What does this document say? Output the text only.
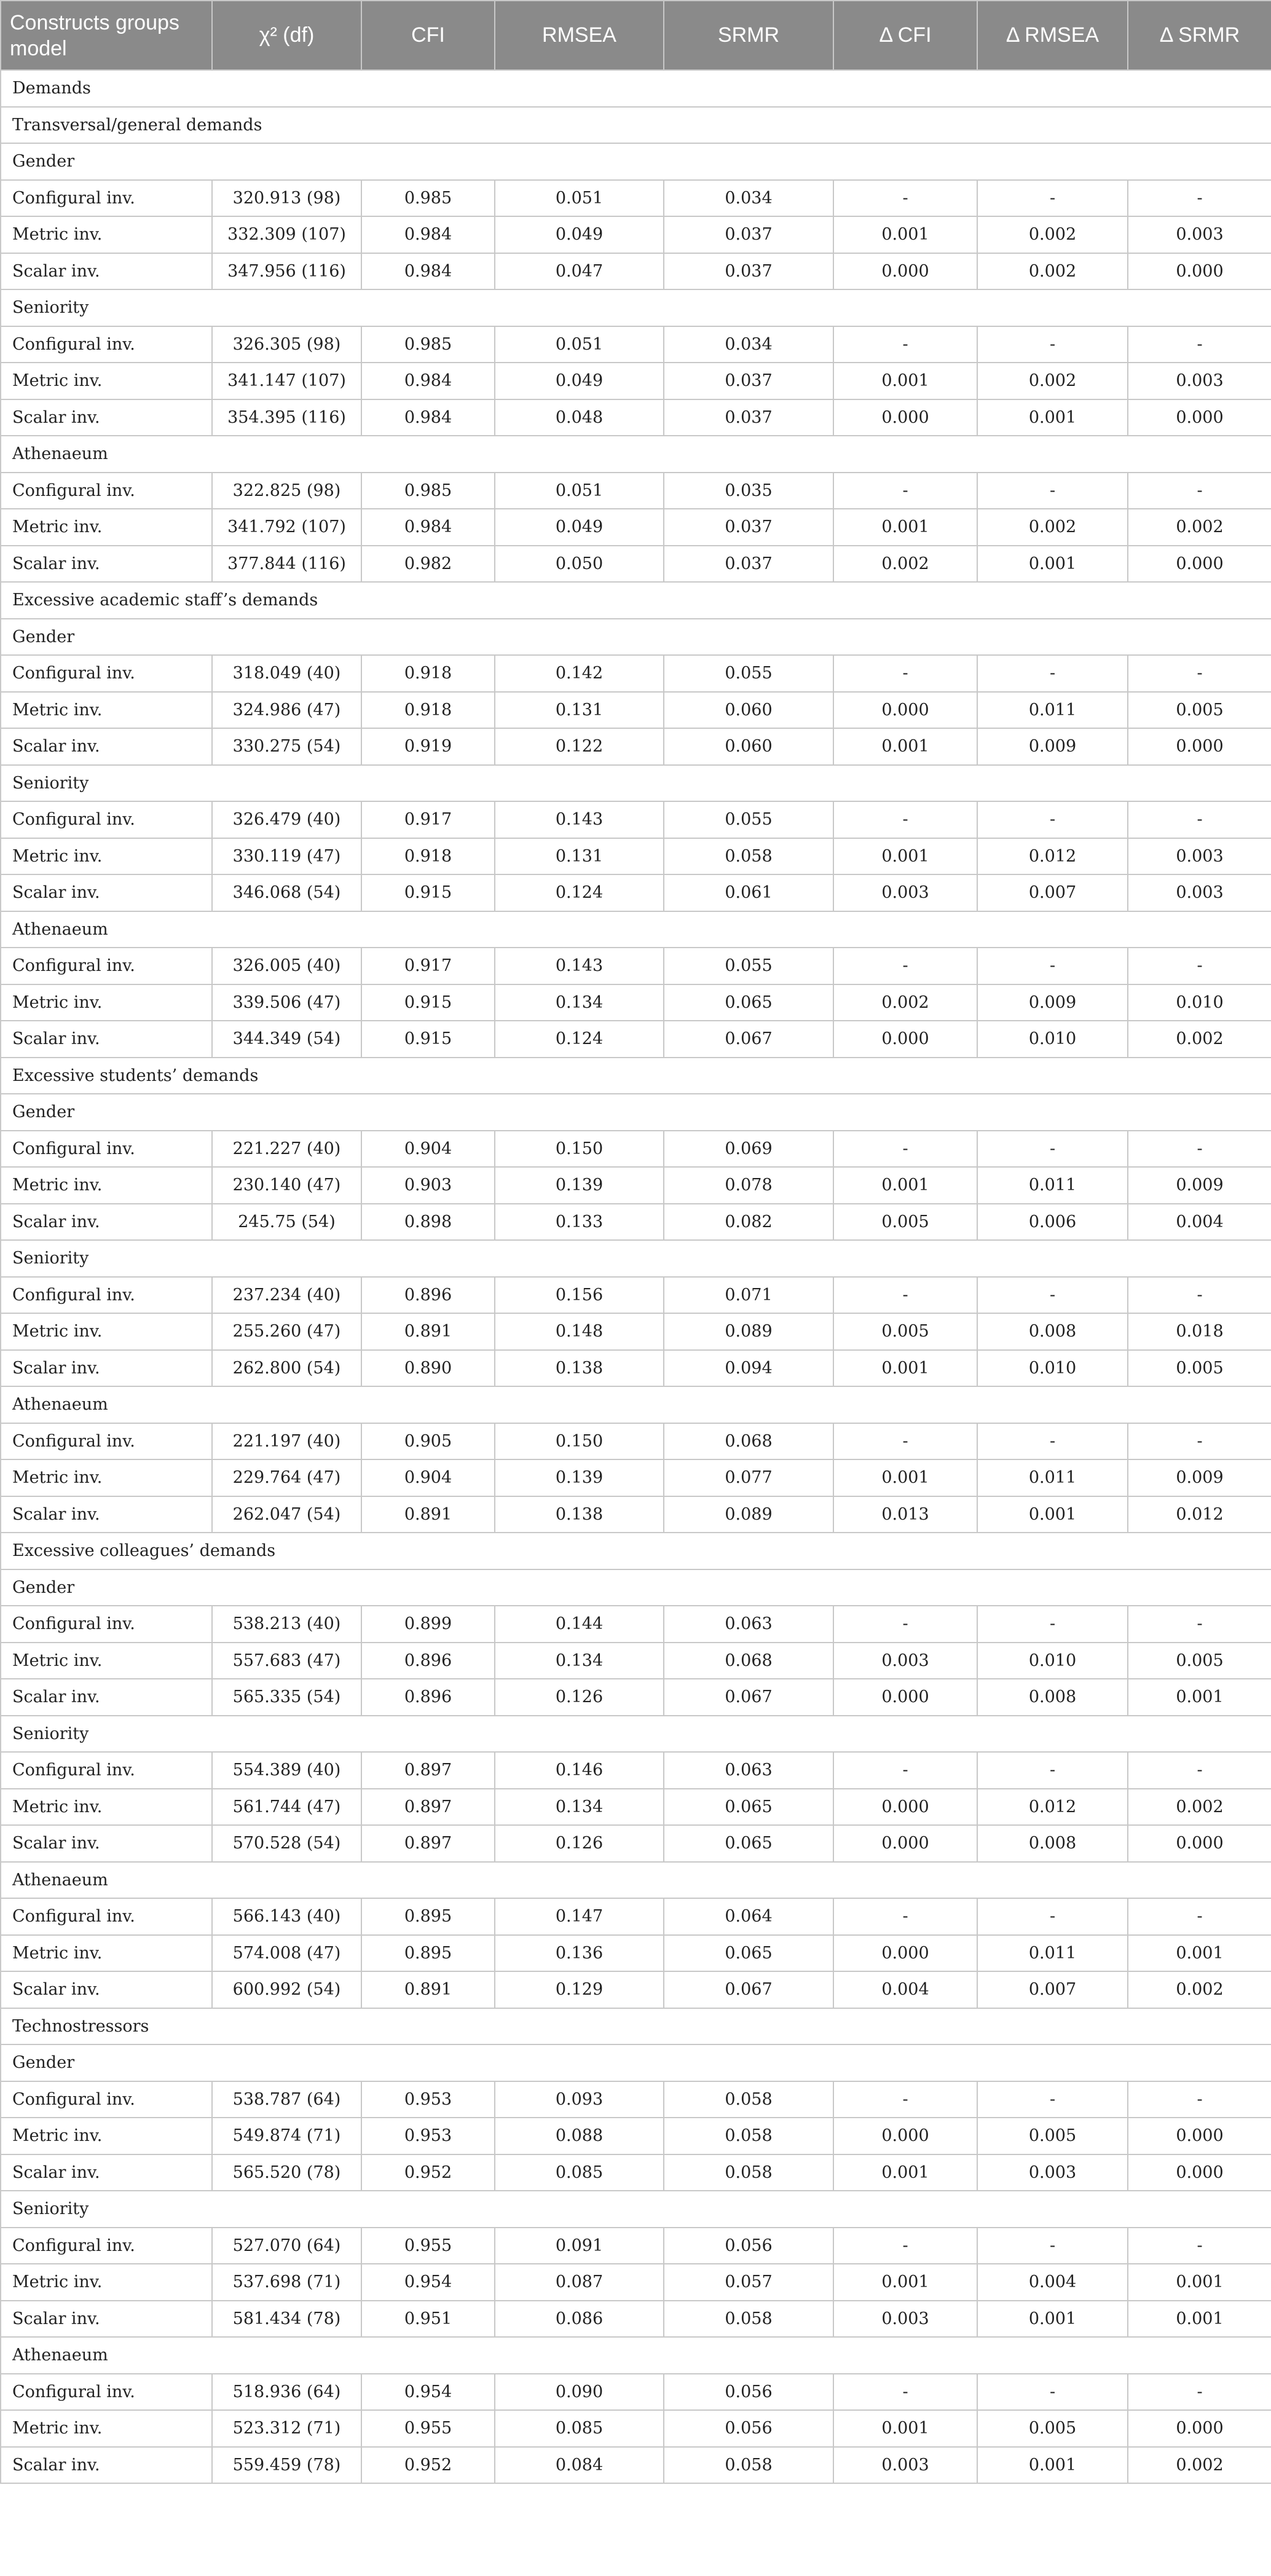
Constructs groups model	χ² (df)	CFI	RMSEA	SRMR	Δ CFI	Δ RMSEA	Δ SRMR
Demands							
Transversal/general demands							
Gender							
Configural inv.	320.913 (98)	0.985	0.051	0.034	-	-	-
Metric inv.	332.309 (107)	0.984	0.049	0.037	0.001	0.002	0.003
Scalar inv.	347.956 (116)	0.984	0.047	0.037	0.000	0.002	0.000
Seniority							
Configural inv.	326.305 (98)	0.985	0.051	0.034	-	-	-
Metric inv.	341.147 (107)	0.984	0.049	0.037	0.001	0.002	0.003
Scalar inv.	354.395 (116)	0.984	0.048	0.037	0.000	0.001	0.000
Athenaeum							
Configural inv.	322.825 (98)	0.985	0.051	0.035	-	-	-
Metric inv.	341.792 (107)	0.984	0.049	0.037	0.001	0.002	0.002
Scalar inv.	377.844 (116)	0.982	0.050	0.037	0.002	0.001	0.000
Excessive academic staff’s demands							
Gender							
Configural inv.	318.049 (40)	0.918	0.142	0.055	-	-	-
Metric inv.	324.986 (47)	0.918	0.131	0.060	0.000	0.011	0.005
Scalar inv.	330.275 (54)	0.919	0.122	0.060	0.001	0.009	0.000
Seniority							
Configural inv.	326.479 (40)	0.917	0.143	0.055	-	-	-
Metric inv.	330.119 (47)	0.918	0.131	0.058	0.001	0.012	0.003
Scalar inv.	346.068 (54)	0.915	0.124	0.061	0.003	0.007	0.003
Athenaeum							
Configural inv.	326.005 (40)	0.917	0.143	0.055	-	-	-
Metric inv.	339.506 (47)	0.915	0.134	0.065	0.002	0.009	0.010
Scalar inv.	344.349 (54)	0.915	0.124	0.067	0.000	0.010	0.002
Excessive students’ demands							
Gender							
Configural inv.	221.227 (40)	0.904	0.150	0.069	-	-	-
Metric inv.	230.140 (47)	0.903	0.139	0.078	0.001	0.011	0.009
Scalar inv.	245.75 (54)	0.898	0.133	0.082	0.005	0.006	0.004
Seniority							
Configural inv.	237.234 (40)	0.896	0.156	0.071	-	-	-
Metric inv.	255.260 (47)	0.891	0.148	0.089	0.005	0.008	0.018
Scalar inv.	262.800 (54)	0.890	0.138	0.094	0.001	0.010	0.005
Athenaeum							
Configural inv.	221.197 (40)	0.905	0.150	0.068	-	-	-
Metric inv.	229.764 (47)	0.904	0.139	0.077	0.001	0.011	0.009
Scalar inv.	262.047 (54)	0.891	0.138	0.089	0.013	0.001	0.012
Excessive colleagues’ demands							
Gender							
Configural inv.	538.213 (40)	0.899	0.144	0.063	-	-	-
Metric inv.	557.683 (47)	0.896	0.134	0.068	0.003	0.010	0.005
Scalar inv.	565.335 (54)	0.896	0.126	0.067	0.000	0.008	0.001
Seniority							
Configural inv.	554.389 (40)	0.897	0.146	0.063	-	-	-
Metric inv.	561.744 (47)	0.897	0.134	0.065	0.000	0.012	0.002
Scalar inv.	570.528 (54)	0.897	0.126	0.065	0.000	0.008	0.000
Athenaeum							
Configural inv.	566.143 (40)	0.895	0.147	0.064	-	-	-
Metric inv.	574.008 (47)	0.895	0.136	0.065	0.000	0.011	0.001
Scalar inv.	600.992 (54)	0.891	0.129	0.067	0.004	0.007	0.002
Technostressors							
Gender							
Configural inv.	538.787 (64)	0.953	0.093	0.058	-	-	-
Metric inv.	549.874 (71)	0.953	0.088	0.058	0.000	0.005	0.000
Scalar inv.	565.520 (78)	0.952	0.085	0.058	0.001	0.003	0.000
Seniority							
Configural inv.	527.070 (64)	0.955	0.091	0.056	-	-	-
Metric inv.	537.698 (71)	0.954	0.087	0.057	0.001	0.004	0.001
Scalar inv.	581.434 (78)	0.951	0.086	0.058	0.003	0.001	0.001
Athenaeum							
Configural inv.	518.936 (64)	0.954	0.090	0.056	-	-	-
Metric inv.	523.312 (71)	0.955	0.085	0.056	0.001	0.005	0.000
Scalar inv.	559.459 (78)	0.952	0.084	0.058	0.003	0.001	0.002
